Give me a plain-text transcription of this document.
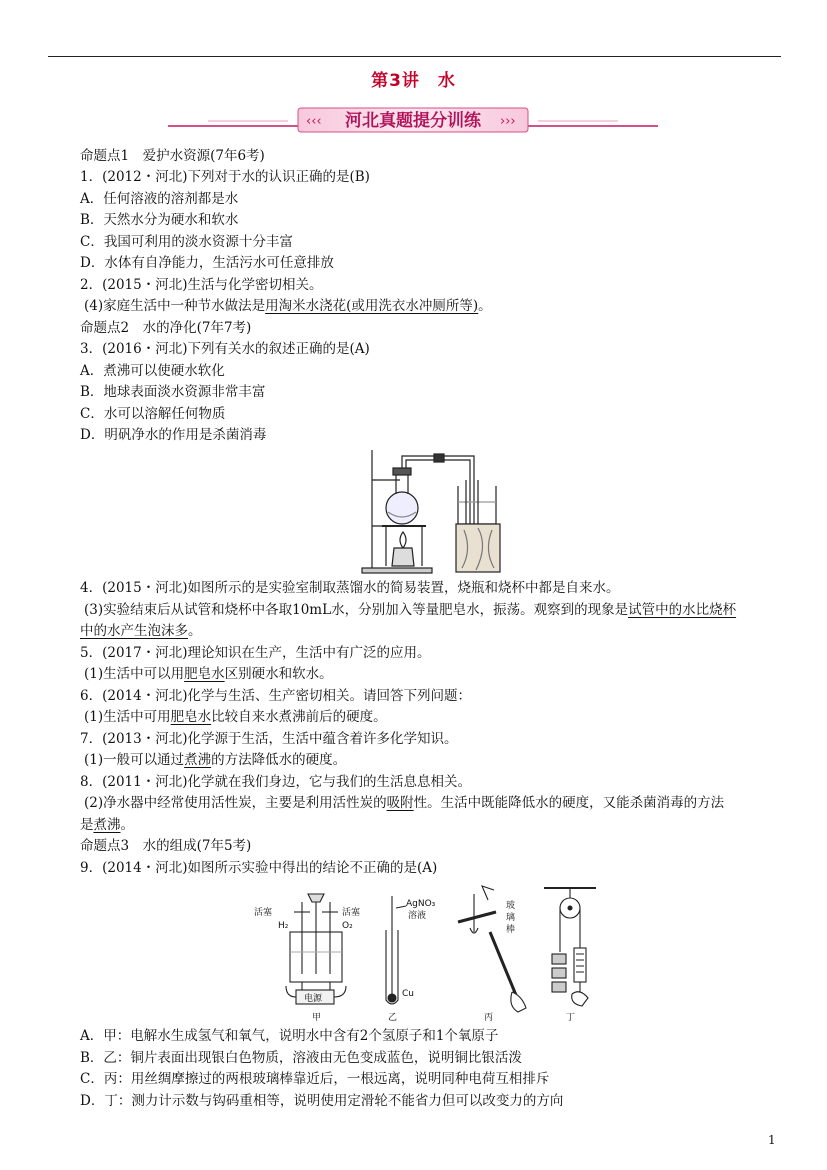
第3讲　水
‹‹‹	›››
河北真题提分训练
命题点1　爱护水资源(7年6考)
1．(2012・河北)下列对于水的认识正确的是(B)
A．任何溶液的溶剂都是水
B．天然水分为硬水和软水
C．我国可利用的淡水资源十分丰富
D．水体有自净能力，生活污水可任意排放
2．(2015・河北)生活与化学密切相关。
(4)家庭生活中一种节水做法是用淘米水浇花(或用洗衣水冲厕所等)。
命题点2　水的净化(7年7考)
3．(2016・河北)下列有关水的叙述正确的是(A)
A．煮沸可以使硬水软化
B．地球表面淡水资源非常丰富
C．水可以溶解任何物质
D．明矾净水的作用是杀菌消毒
4．(2015・河北)如图所示的是实验室制取蒸馏水的简易装置，烧瓶和烧杯中都是自来水。
(3)实验结束后从试管和烧杯中各取10mL水，分别加入等量肥皂水，振荡。观察到的现象是试管中的水比烧杯
中的水产生泡沫多。
5．(2017・河北)理论知识在生产，生活中有广泛的应用。
(1)生活中可以用肥皂水区别硬水和软水。
6．(2014・河北)化学与生活、生产密切相关。请回答下列问题：
(1)生活中可用肥皂水比较自来水煮沸前后的硬度。
7．(2013・河北)化学源于生活，生活中蕴含着许多化学知识。
(1)一般可以通过煮沸的方法降低水的硬度。
8．(2011・河北)化学就在我们身边，它与我们的生活息息相关。
(2)净水器中经常使用活性炭，主要是利用活性炭的吸附性。生活中既能降低水的硬度，又能杀菌消毒的方法
是煮沸。
命题点3　水的组成(7年5考)
9．(2014・河北)如图所示实验中得出的结论不正确的是(A)
A．甲：电解水生成氢气和氧气，说明水中含有2个氢原子和1个氧原子
B．乙：铜片表面出现银白色物质，溶液由无色变成蓝色，说明铜比银活泼
C．丙：用丝绸摩擦过的两根玻璃棒靠近后，一根远离，说明同种电荷互相排斥
D．丁：测力计示数与钩码重相等，说明使用定滑轮不能省力但可以改变力的方向
活塞	活塞
H₂	O₂
电源
AgNO₃
溶液
Cu
玻
璃
棒
甲	乙	丙	丁
1
